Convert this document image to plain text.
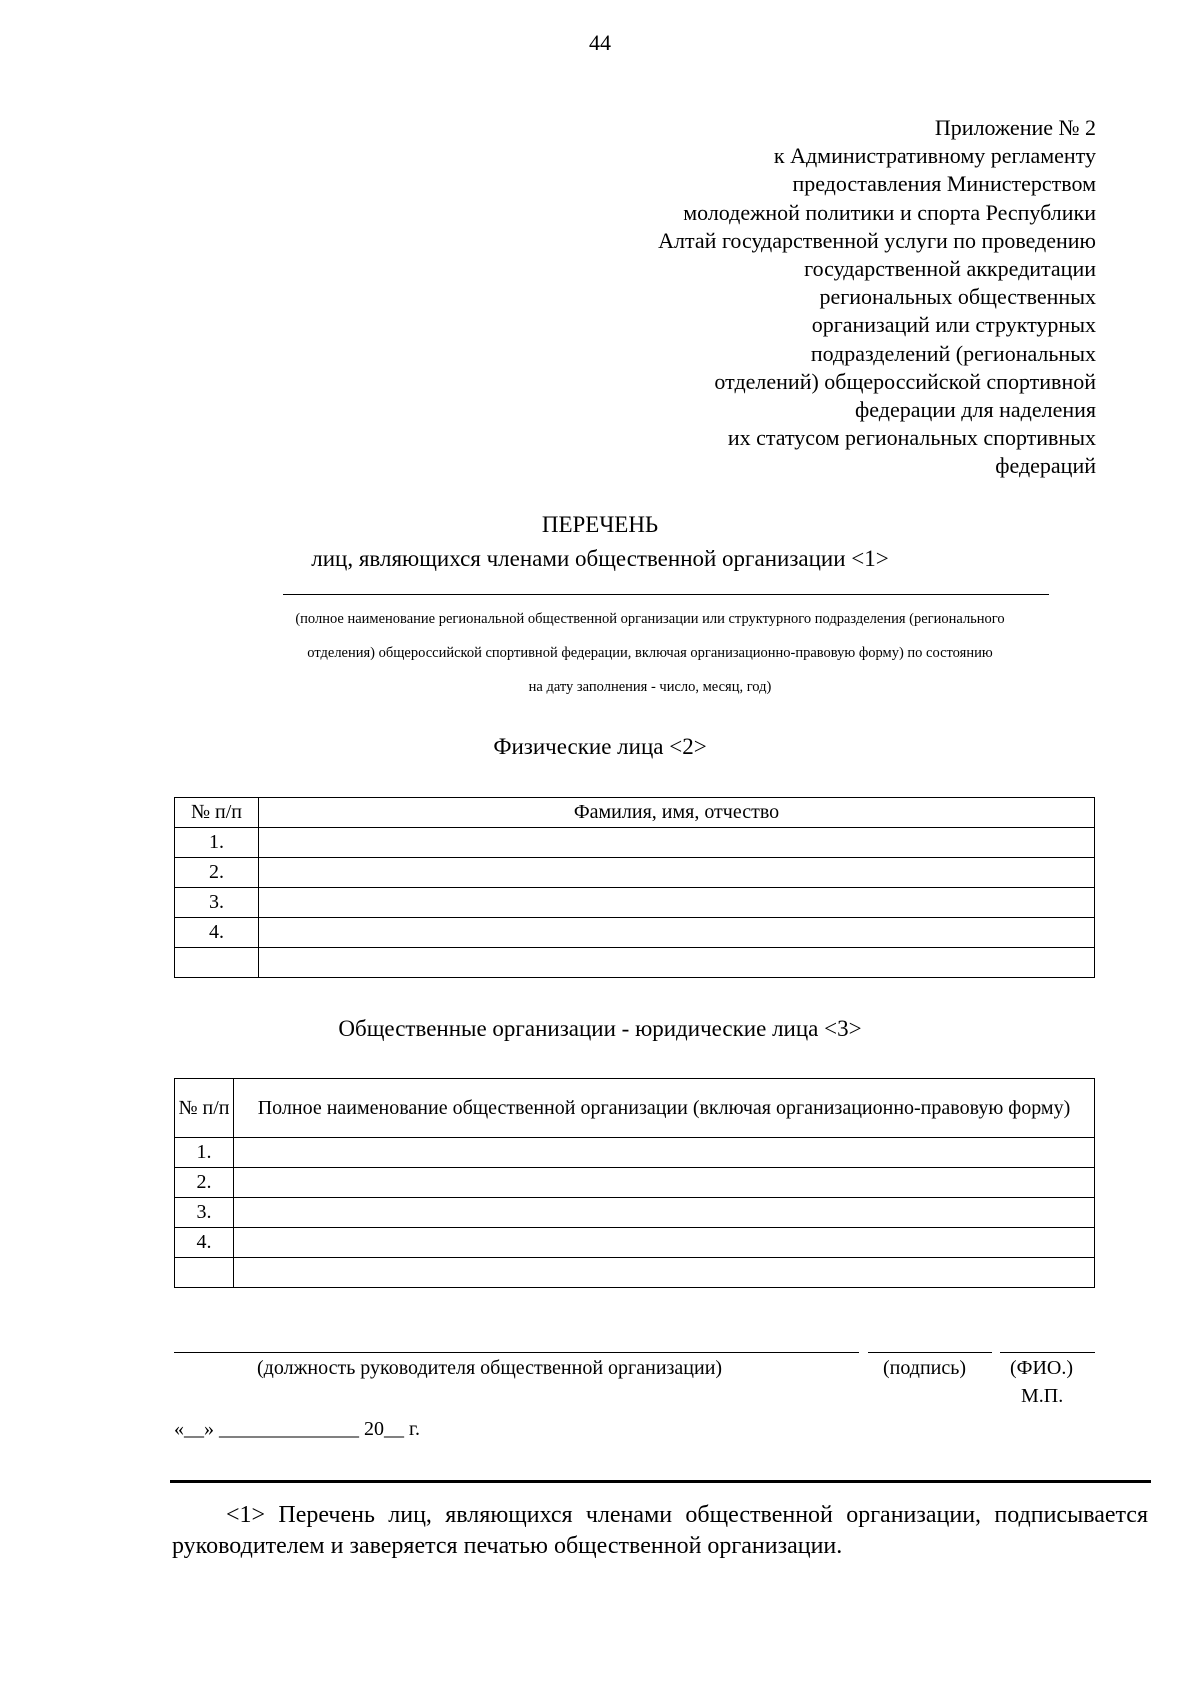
44
Приложение № 2
к Административному регламенту
предоставления Министерством
молодежной политики и спорта Республики
Алтай государственной услуги по проведению
государственной аккредитации
региональных общественных
организаций или структурных
подразделений (региональных
отделений) общероссийской спортивной
федерации для наделения
их статусом региональных спортивных
федераций
ПЕРЕЧЕНЬ
лиц, являющихся членами общественной организации <1>
(полное наименование региональной общественной организации или структурного подразделения (регионального
отделения) общероссийской спортивной федерации, включая организационно-правовую форму) по состоянию
на дату заполнения - число, месяц, год)
Физические лица <2>
№ п/п	Фамилия, имя, отчество
1.	
2.	
3.	
4.	

Общественные организации - юридические лица <3>
№ п/п	Полное наименование общественной организации (включая организационно-правовую форму)
1.	
2.	
3.	
4.	

(должность руководителя общественной организации)	(подпись) (ФИО.)
М.П.
«__» ______________ 20__ г.
<1> Перечень лиц, являющихся членами общественной организации, подписывается руководителем и заверяется печатью общественной организации.
